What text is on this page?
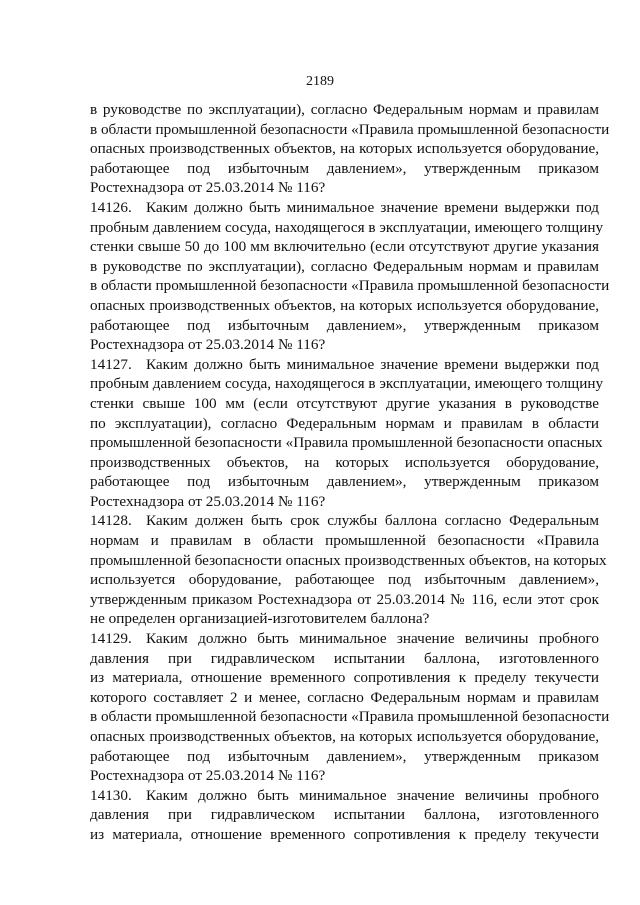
2189
в руководстве по эксплуатации), согласно Федеральным нормам и правилам
в области промышленной безопасности «Правила промышленной безопасности
опасных производственных объектов, на которых используется оборудование,
работающее под избыточным давлением», утвержденным приказом
Ростехнадзора от 25.03.2014 № 116?
14126. Каким должно быть минимальное значение времени выдержки под
пробным давлением сосуда, находящегося в эксплуатации, имеющего толщину
стенки свыше 50 до 100 мм включительно (если отсутствуют другие указания
в руководстве по эксплуатации), согласно Федеральным нормам и правилам
в области промышленной безопасности «Правила промышленной безопасности
опасных производственных объектов, на которых используется оборудование,
работающее под избыточным давлением», утвержденным приказом
Ростехнадзора от 25.03.2014 № 116?
14127. Каким должно быть минимальное значение времени выдержки под
пробным давлением сосуда, находящегося в эксплуатации, имеющего толщину
стенки свыше 100 мм (если отсутствуют другие указания в руководстве
по эксплуатации), согласно Федеральным нормам и правилам в области
промышленной безопасности «Правила промышленной безопасности опасных
производственных объектов, на которых используется оборудование,
работающее под избыточным давлением», утвержденным приказом
Ростехнадзора от 25.03.2014 № 116?
14128. Каким должен быть срок службы баллона согласно Федеральным
нормам и правилам в области промышленной безопасности «Правила
промышленной безопасности опасных производственных объектов, на которых
используется оборудование, работающее под избыточным давлением»,
утвержденным приказом Ростехнадзора от 25.03.2014 № 116, если этот срок
не определен организацией-изготовителем баллона?
14129. Каким должно быть минимальное значение величины пробного
давления при гидравлическом испытании баллона, изготовленного
из материала, отношение временного сопротивления к пределу текучести
которого составляет 2 и менее, согласно Федеральным нормам и правилам
в области промышленной безопасности «Правила промышленной безопасности
опасных производственных объектов, на которых используется оборудование,
работающее под избыточным давлением», утвержденным приказом
Ростехнадзора от 25.03.2014 № 116?
14130. Каким должно быть минимальное значение величины пробного
давления при гидравлическом испытании баллона, изготовленного
из материала, отношение временного сопротивления к пределу текучести
